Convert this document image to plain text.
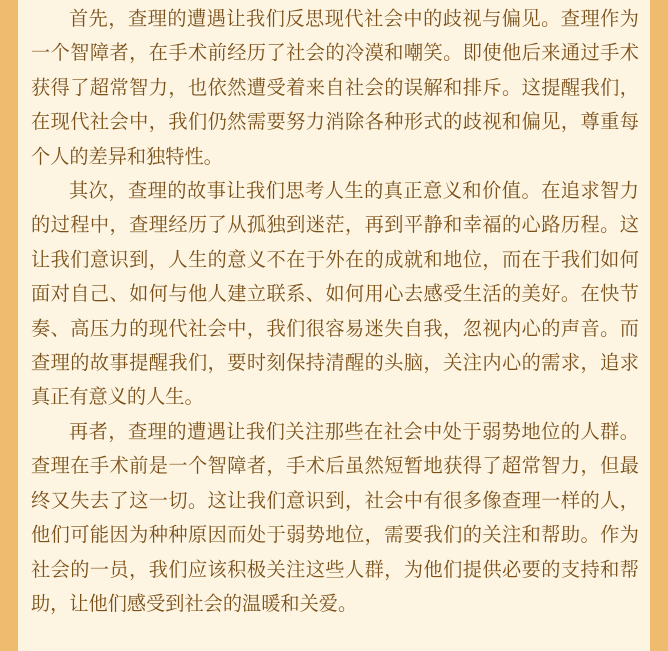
首先，查理的遭遇让我们反思现代社会中的歧视与偏见。查理作为一个智障者，在手术前经历了社会的冷漠和嘲笑。即使他后来通过手术获得了超常智力，也依然遭受着来自社会的误解和排斥。这提醒我们，在现代社会中，我们仍然需要努力消除各种形式的歧视和偏见，尊重每个人的差异和独特性。

其次，查理的故事让我们思考人生的真正意义和价值。在追求智力的过程中，查理经历了从孤独到迷茫，再到平静和幸福的心路历程。这让我们意识到，人生的意义不在于外在的成就和地位，而在于我们如何面对自己、如何与他人建立联系、如何用心去感受生活的美好。在快节奏、高压力的现代社会中，我们很容易迷失自我，忽视内心的声音。而查理的故事提醒我们，要时刻保持清醒的头脑，关注内心的需求，追求真正有意义的人生。

再者，查理的遭遇让我们关注那些在社会中处于弱势地位的人群。查理在手术前是一个智障者，手术后虽然短暂地获得了超常智力，但最终又失去了这一切。这让我们意识到，社会中有很多像查理一样的人，他们可能因为种种原因而处于弱势地位，需要我们的关注和帮助。作为社会的一员，我们应该积极关注这些人群，为他们提供必要的支持和帮助，让他们感受到社会的温暖和关爱。
